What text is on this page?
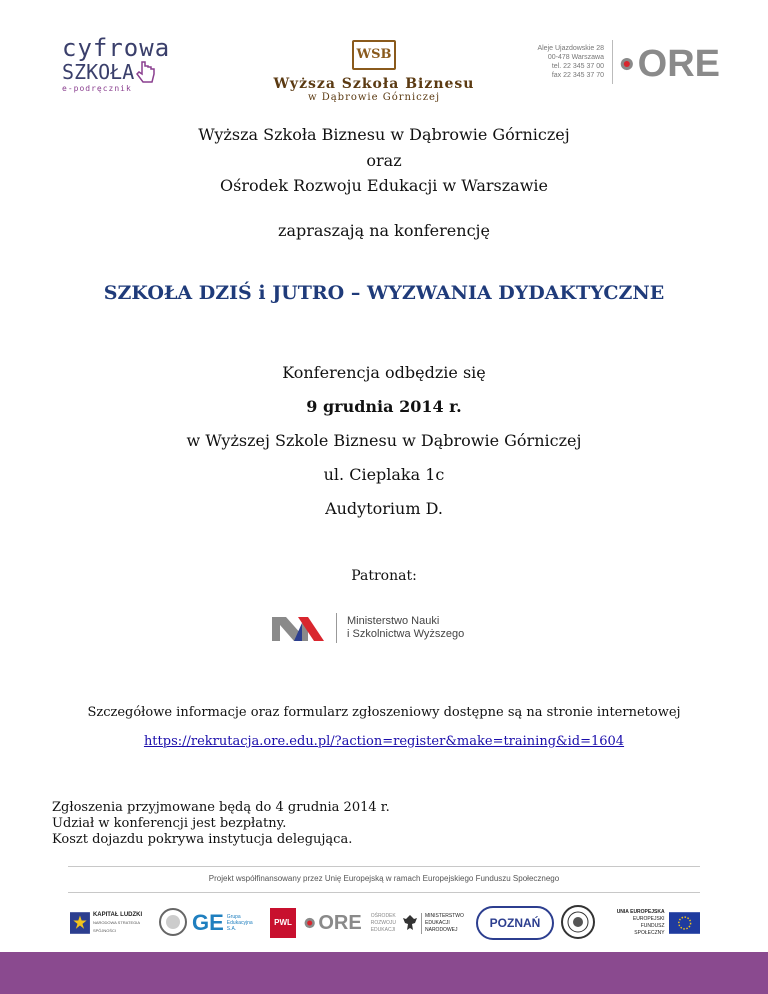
cyfrowa
SZKOŁA
e-podręcznik
WSB
Wyższa Szkoła Biznesu
w Dąbrowie Górniczej
Aleje Ujazdowskie 28
00-478 Warszawa
tel. 22 345 37 00
fax 22 345 37 70 ORE
Wyższa Szkoła Biznesu w Dąbrowie Górniczej
oraz
Ośrodek Rozwoju Edukacji w Warszawie
zapraszają na konferencję
SZKOŁA DZIŚ i JUTRO – WYZWANIA DYDAKTYCZNE
Konferencja odbędzie się
9 grudnia 2014 r.
w Wyższej Szkole Biznesu w Dąbrowie Górniczej
ul. Cieplaka 1c
Audytorium D.
Patronat:
Ministerstwo Nauki
i Szkolnictwa Wyższego
Szczegółowe informacje oraz formularz zgłoszeniowy dostępne są na stronie internetowej
https://rekrutacja.ore.edu.pl/?action=register&make=training&id=1604
Zgłoszenia przyjmowane będą do 4 grudnia 2014 r.
Udział w konferencji jest bezpłatny.
Koszt dojazdu pokrywa instytucja delegująca.
Projekt współfinansowany przez Unię Europejską w ramach Europejskiego Funduszu Społecznego
KAPITAŁ LUDZKI
NARODOWA STRATEGIA SPÓJNOŚCI	GE Grupa Edukacyjna S.A.
PWL ORE OŚRODEK
ROZWOJU
EDUKACJI
MINISTERSTWO
EDUKACJI
NARODOWEJ	POZNAŃ
UNIA EUROPEJSKA
EUROPEJSKI
FUNDUSZ SPOŁECZNY
